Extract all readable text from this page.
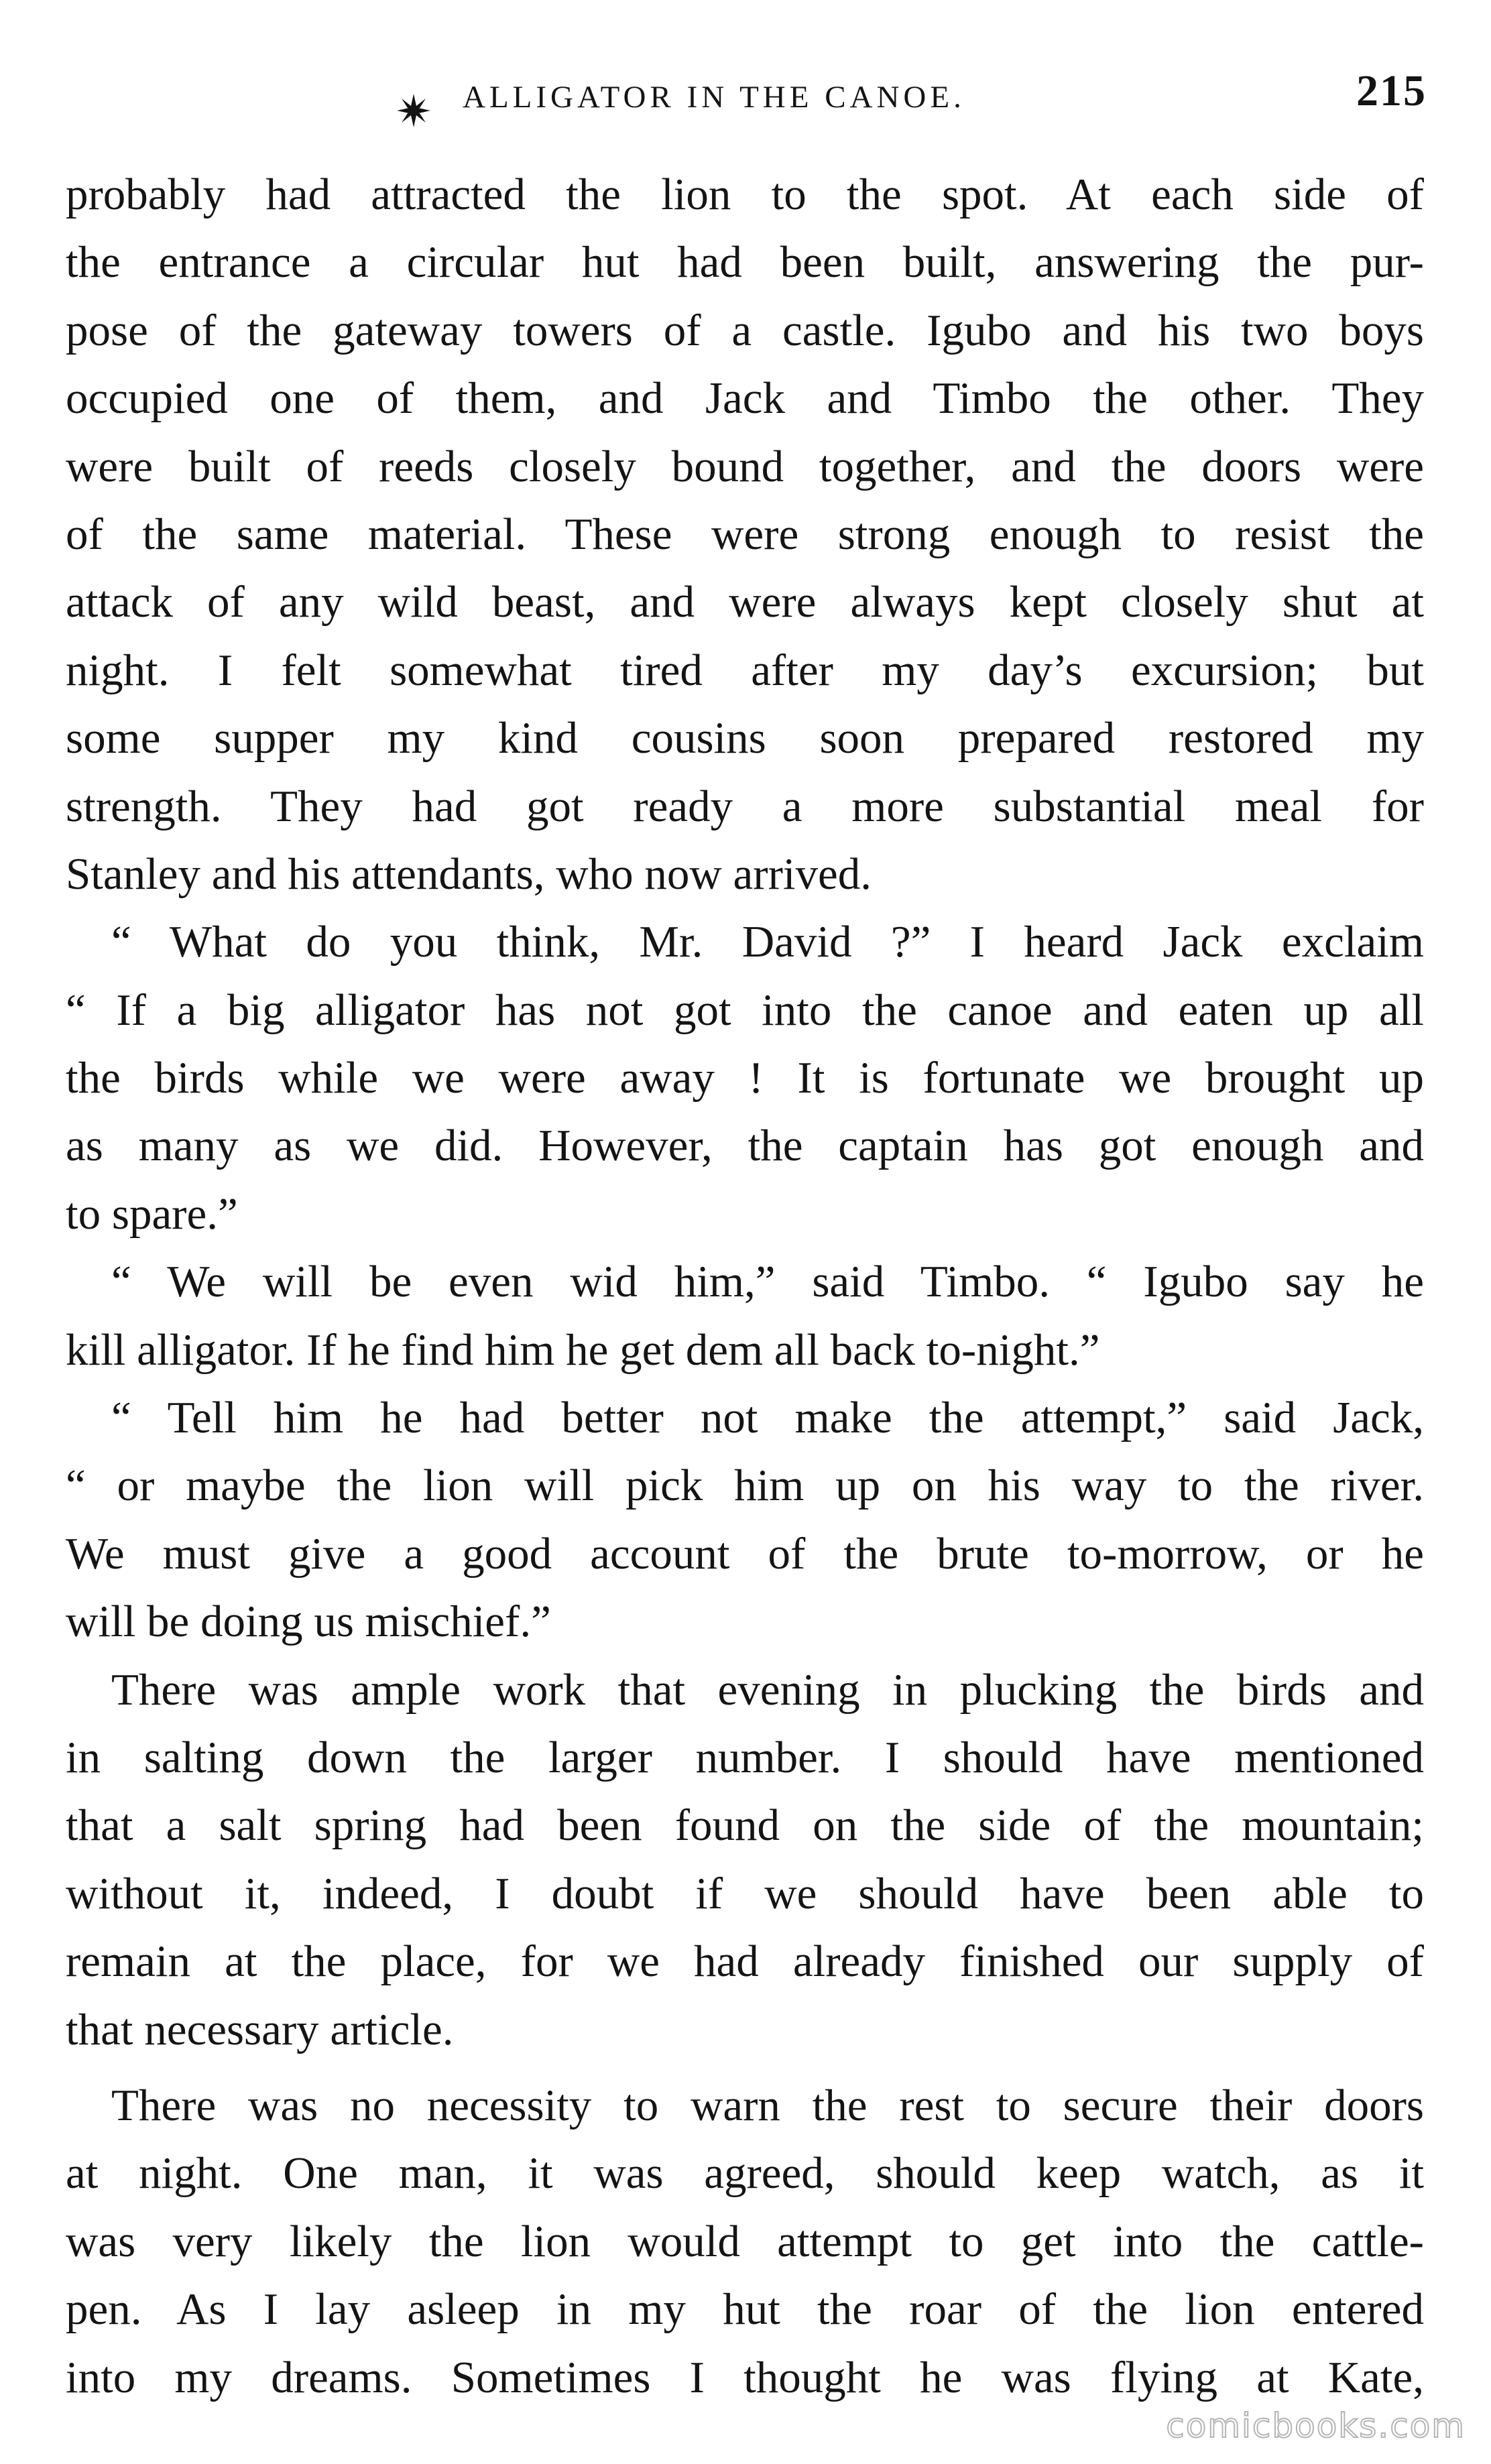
ALLIGATOR IN THE CANOE.	215
probably had attracted the lion to the spot. At each side of
the entrance a circular hut had been built, answering the pur-
pose of the gateway towers of a castle. Igubo and his two boys
occupied one of them, and Jack and Timbo the other. They
were built of reeds closely bound together, and the doors were
of the same material. These were strong enough to resist the
attack of any wild beast, and were always kept closely shut at
night. I felt somewhat tired after my day’s excursion; but
some supper my kind cousins soon prepared restored my
strength. They had got ready a more substantial meal for
Stanley and his attendants, who now arrived.
“ What do you think, Mr. David ?” I heard Jack exclaim
“ If a big alligator has not got into the canoe and eaten up all
the birds while we were away ! It is fortunate we brought up
as many as we did. However, the captain has got enough and
to spare.”
“ We will be even wid him,” said Timbo. “ Igubo say he
kill alligator. If he find him he get dem all back to-night.”
“ Tell him he had better not make the attempt,” said Jack,
“ or maybe the lion will pick him up on his way to the river.
We must give a good account of the brute to-morrow, or he
will be doing us mischief.”
There was ample work that evening in plucking the birds and
in salting down the larger number. I should have mentioned
that a salt spring had been found on the side of the mountain;
without it, indeed, I doubt if we should have been able to
remain at the place, for we had already finished our supply of
that necessary article.
There was no necessity to warn the rest to secure their doors
at night. One man, it was agreed, should keep watch, as it
was very likely the lion would attempt to get into the cattle-
pen. As I lay asleep in my hut the roar of the lion entered
into my dreams. Sometimes I thought he was flying at Kate,
comicbooks.com
